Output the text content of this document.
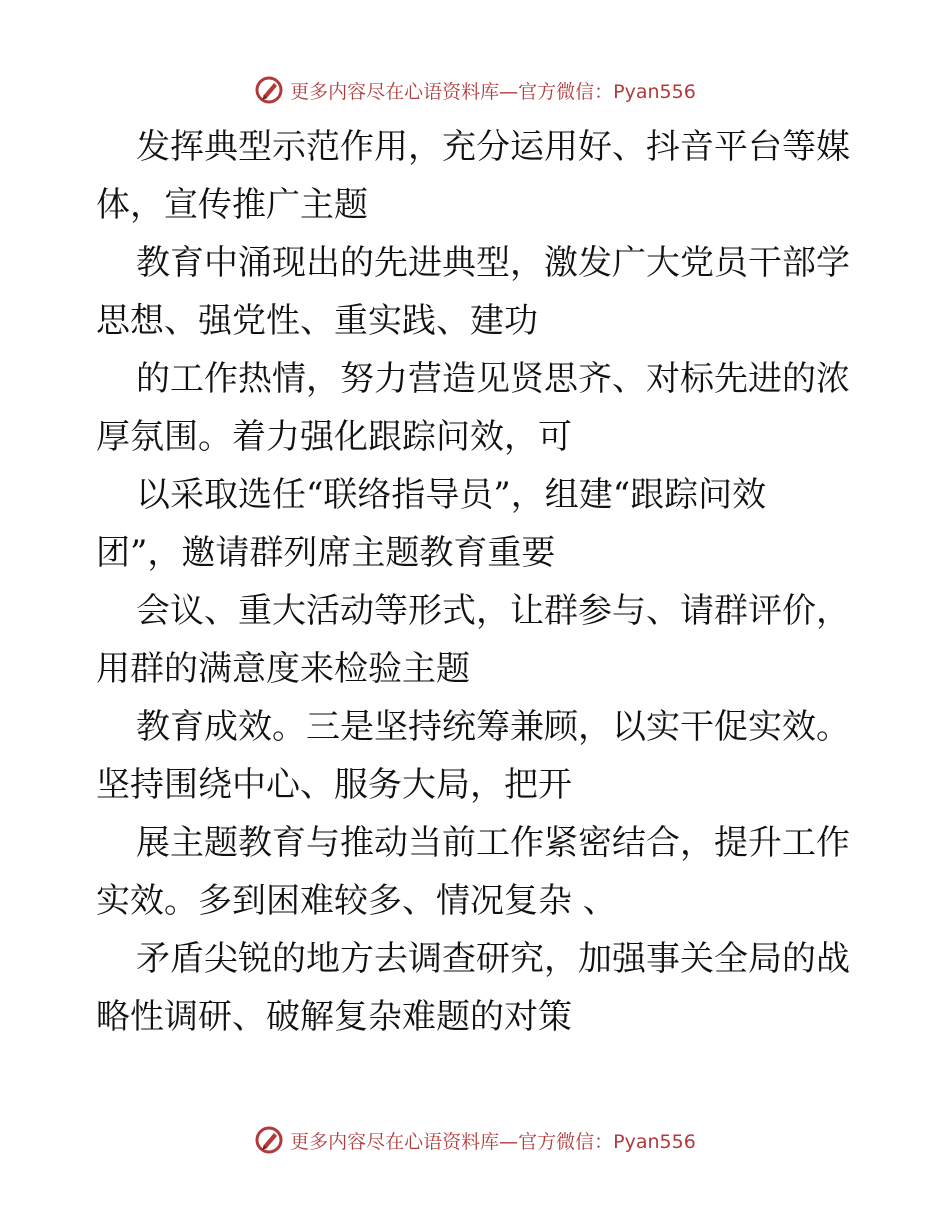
更多内容尽在心语资料库—官方微信：Pyan556
发挥典型示范作用，充分运用好、抖音平台等媒
体，宣传推广主题
教育中涌现出的先进典型，激发广大党员干部学
思想、强党性、重实践、建功
的工作热情，努力营造见贤思齐、对标先进的浓
厚氛围。着力强化跟踪问效，可
以采取选任“联络指导员”，组建“跟踪问效
团”，邀请群列席主题教育重要
会议、重大活动等形式，让群参与、请群评价，
用群的满意度来检验主题
教育成效。三是坚持统筹兼顾，以实干促实效。
坚持围绕中心、服务大局，把开
展主题教育与推动当前工作紧密结合，提升工作
实效。多到困难较多、情况复杂 、
矛盾尖锐的地方去调查研究，加强事关全局的战
略性调研、破解复杂难题的对策
更多内容尽在心语资料库—官方微信：Pyan556
